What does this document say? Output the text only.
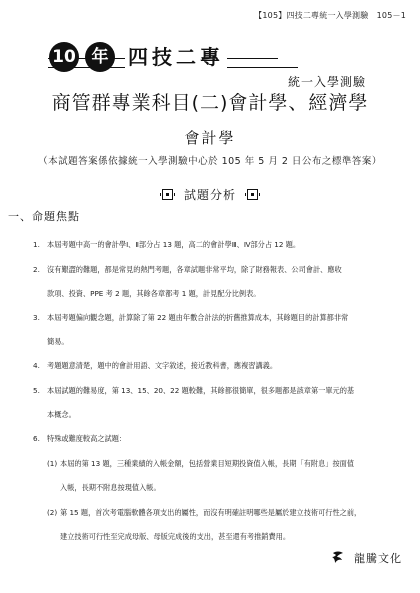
【105】四技二專統一入學測驗　105－1
10 年 四技二專
統一入學測驗
商管群專業科目(二)會計學、經濟學
會計學
（本試題答案係依據統一入學測驗中心於 105 年 5 月 2 日公布之標準答案）
試題分析
一、命題焦點
1. 本屆考題中高一的會計學Ⅰ、Ⅱ部分占 13 題，高二的會計學Ⅲ、Ⅳ部分占 12 題。
2. 沒有艱澀的難題，都是常見的熱門考題，各章試題非常平均，除了財務報表、公司會計、應收
款項、投資、PPE 考 2 題，其餘各章都考 1 題，計見配分比例表。
3. 本屆考題偏向觀念題，計算除了第 22 題由年數合計法的折舊推算成本，其餘題目的計算都非常
簡易。
4. 考題題意清楚，題中的會計用語、文字敘述，接近教科書，應複習講義。
5. 本屆試題的難易度，第 13、15、20、22 題較難，其餘都很簡單，很多題都是該章第一單元的基
本概念。
6. 特殊或難度較高之試題：
(1) 本屆的第 13 題，三種業績的入帳金額，包括營業目短期投資值入帳，長期「有附息」按面值
入帳，長期不附息按現值入帳。
(2) 第 15 題，首次考電腦軟體各項支出的屬性，而沒有明確註明哪些是屬於建立技術可行性之前，
建立技術可行性至完成母版、母版完成後的支出，甚至還有考推銷費用。
龍騰文化
